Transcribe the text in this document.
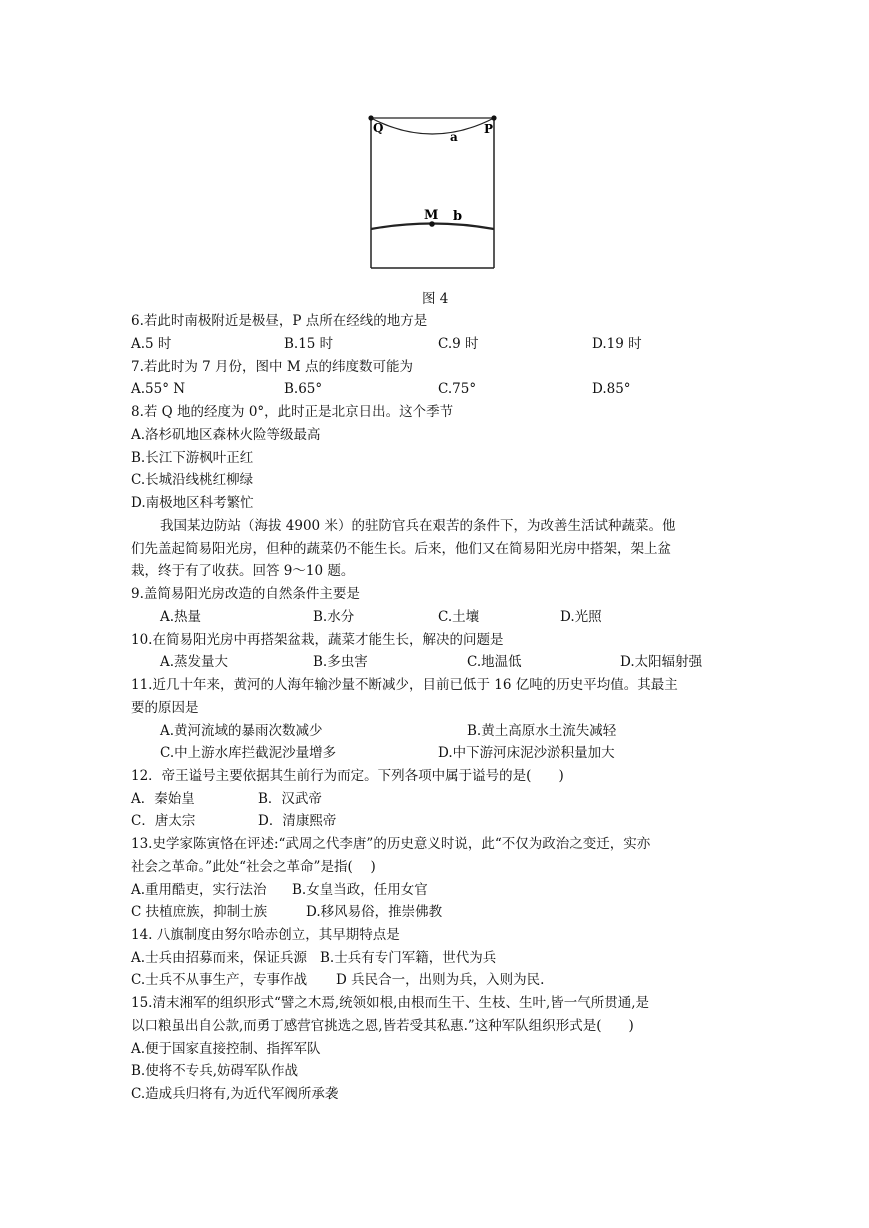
Q	P
a
M b
图 4
6.若此时南极附近是极昼，P 点所在经线的地方是
A.5 时	B.15 时	C.9 时	D.19 时
7.若此时为 7 月份，图中 M 点的纬度数可能为
A.55° N	B.65°	C.75°	D.85°
8.若 Q 地的经度为 0°，此时正是北京日出。这个季节
A.洛杉矶地区森林火险等级最高
B.长江下游枫叶正红
C.长城沿线桃红柳绿
D.南极地区科考繁忙
我国某边防站（海拔 4900 米）的驻防官兵在艰苦的条件下，为改善生活试种蔬菜。他
们先盖起简易阳光房，但种的蔬菜仍不能生长。后来，他们又在简易阳光房中搭架，架上盆
栽，终于有了收获。回答 9～10 题。
9.盖简易阳光房改造的自然条件主要是
A.热量	B.水分	C.土壤	D.光照
10.在简易阳光房中再搭架盆栽，蔬菜才能生长，解决的问题是
A.蒸发量大	B.多虫害	C.地温低	D.太阳辐射强
11.近几十年来，黄河的人海年输沙量不断减少，目前已低于 16 亿吨的历史平均值。其最主
要的原因是
A.黄河流域的暴雨次数减少	B.黄土高原水土流失减轻
C.中上游水库拦截泥沙量增多	D.中下游河床泥沙淤积量加大
12．帝王谥号主要依据其生前行为而定。下列各项中属于谥号的是(　　)
A．秦始皇	B．汉武帝
C．唐太宗	D．清康熙帝
13.史学家陈寅恪在评述:“武周之代李唐”的历史意义时说，此“不仅为政治之变迁，实亦
社会之革命。”此处“社会之革命”是指(　 )
A.重用酷吏，实行法治 B.女皇当政，任用女官
C 扶植庶族，抑制士族	D.移风易俗，推崇佛教
14. 八旗制度由努尔哈赤创立，其早期特点是
A.士兵由招募而来，保证兵源 B.士兵有专门军籍，世代为兵
C.士兵不从事生产，专事作战 D 兵民合一，出则为兵，入则为民.
15.清末湘军的组织形式“譬之木焉,统领如根,由根而生干、生枝、生叶,皆一气所贯通,是
以口粮虽出自公款,而勇丁感营官挑选之恩,皆若受其私惠.”这种军队组织形式是(　　)
A.便于国家直接控制、指挥军队
B.使将不专兵,妨碍军队作战
C.造成兵归将有,为近代军阀所承袭
